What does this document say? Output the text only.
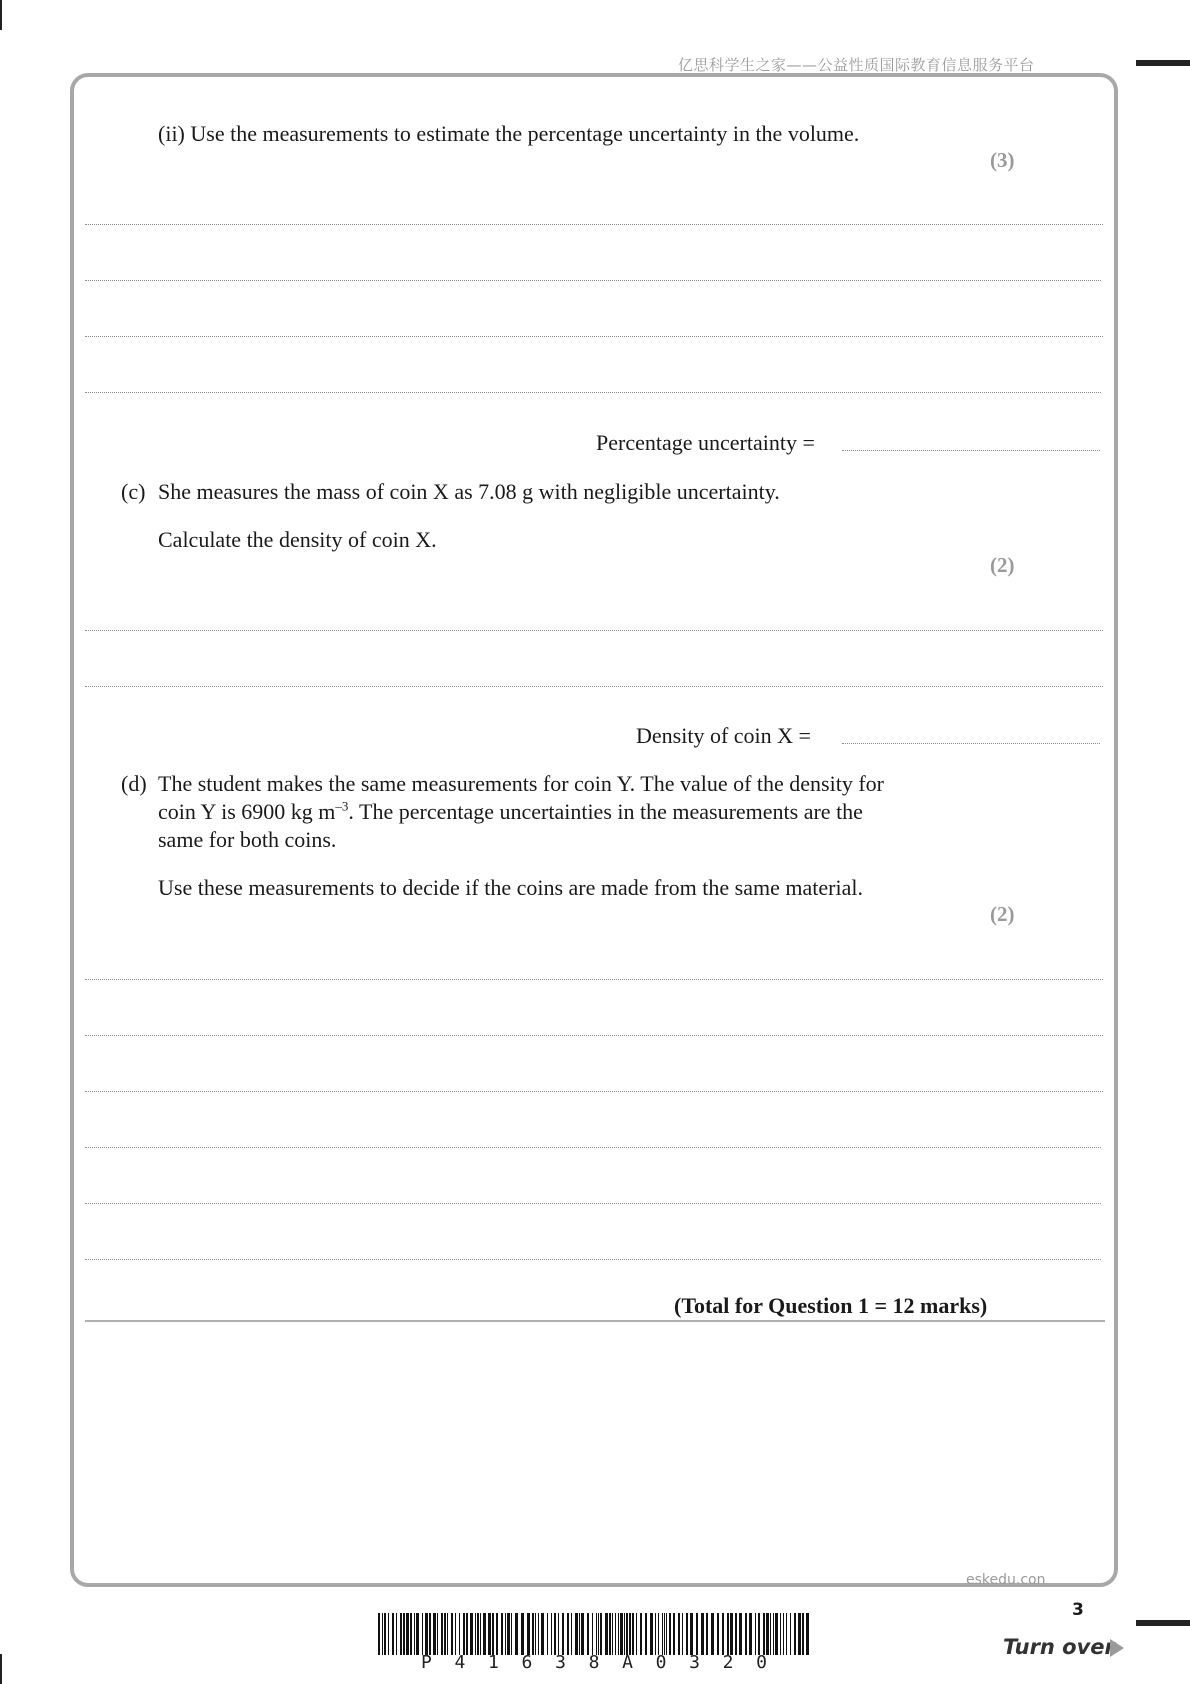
亿思科学生之家——公益性质国际教育信息服务平台
(ii) Use the measurements to estimate the percentage uncertainty in the volume.
(3)
Percentage uncertainty =
(c) She measures the mass of coin X as 7.08 g with negligible uncertainty.
Calculate the density of coin X.
(2)
Density of coin X =
(d) The student makes the same measurements for coin Y. The value of the density for
coin Y is 6900 kg $m^{-3}$. The percentage uncertainties in the measurements are the
same for both coins.
Use these measurements to decide if the coins are made from the same material.
(2)
(Total for Question 1 = 12 marks)
eskedu.con
3
P 4 1 6 3 8 A 0 3 2 0
Turn over
